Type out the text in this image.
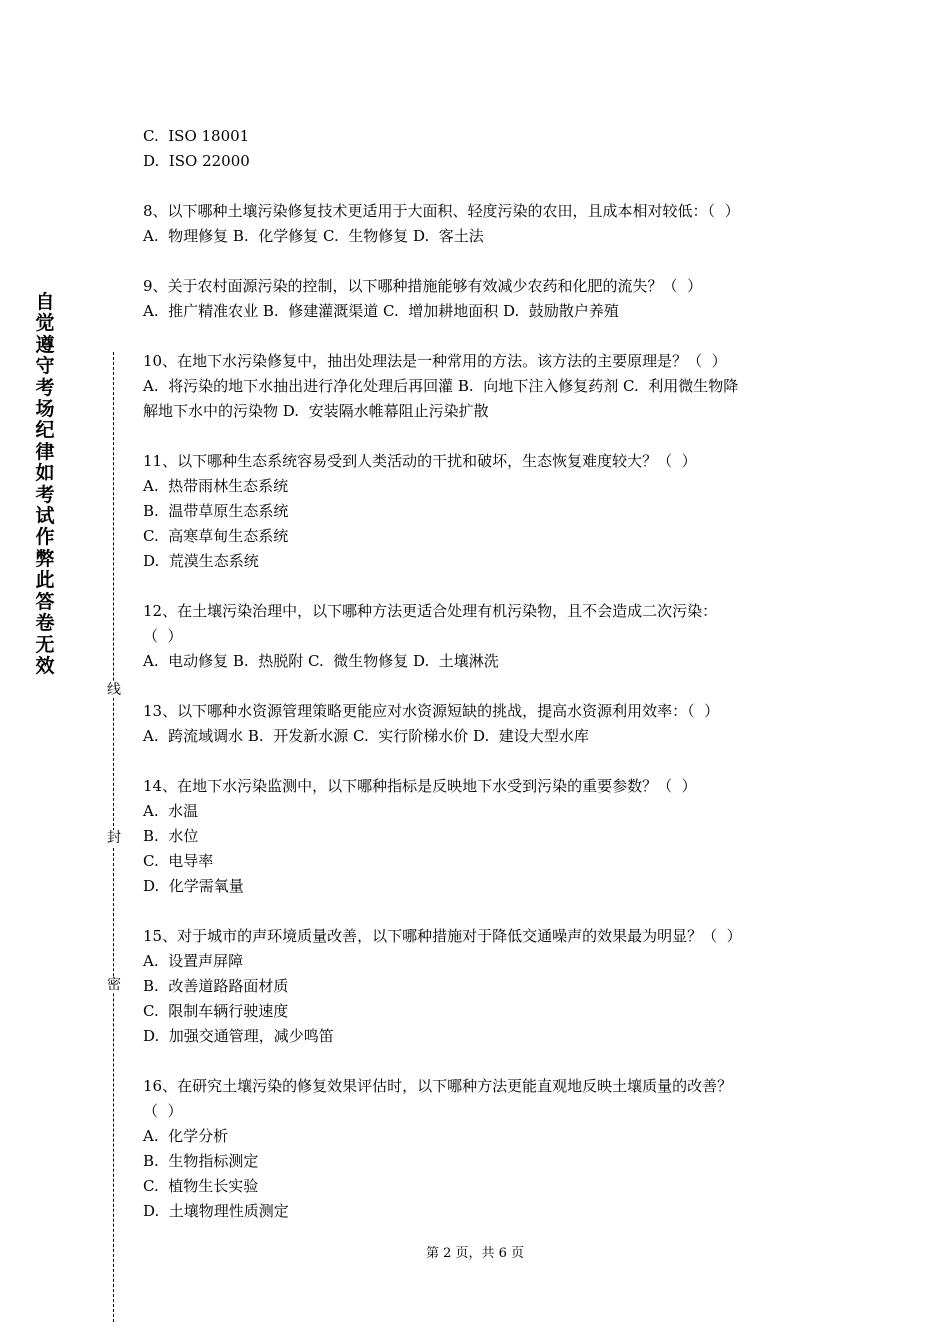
自觉遵守考场纪律如考试作弊此答卷无效
线
封
密

C.  ISO 18001

D.  ISO 22000

8、以下哪种土壤污染修复技术更适用于大面积、轻度污染的农田，且成本相对较低：（  ）

A.  物理修复 B.  化学修复 C.  生物修复 D.  客土法

9、关于农村面源污染的控制，以下哪种措施能够有效减少农药和化肥的流失？（  ）

A.  推广精准农业 B.  修建灌溉渠道 C.  增加耕地面积 D.  鼓励散户养殖

10、在地下水污染修复中，抽出处理法是一种常用的方法。该方法的主要原理是？（  ）

A.  将污染的地下水抽出进行净化处理后再回灌 B.  向地下注入修复药剂 C.  利用微生物降

解地下水中的污染物 D.  安装隔水帷幕阻止污染扩散

11、以下哪种生态系统容易受到人类活动的干扰和破坏，生态恢复难度较大？（  ）

A.  热带雨林生态系统

B.  温带草原生态系统

C.  高寒草甸生态系统

D.  荒漠生态系统

12、在土壤污染治理中，以下哪种方法更适合处理有机污染物，且不会造成二次污染：

（  ）

A.  电动修复 B.  热脱附 C.  微生物修复 D.  土壤淋洗

13、以下哪种水资源管理策略更能应对水资源短缺的挑战，提高水资源利用效率：（  ）

A.  跨流域调水 B.  开发新水源 C.  实行阶梯水价 D.  建设大型水库

14、在地下水污染监测中，以下哪种指标是反映地下水受到污染的重要参数？（  ）

A.  水温

B.  水位

C.  电导率

D.  化学需氧量

15、对于城市的声环境质量改善，以下哪种措施对于降低交通噪声的效果最为明显？（  ）

A.  设置声屏障

B.  改善道路路面材质

C.  限制车辆行驶速度

D.  加强交通管理，减少鸣笛

16、在研究土壤污染的修复效果评估时，以下哪种方法更能直观地反映土壤质量的改善？

（  ）

A.  化学分析

B.  生物指标测定

C.  植物生长实验

D.  土壤物理性质测定

第 2 页，共 6 页
